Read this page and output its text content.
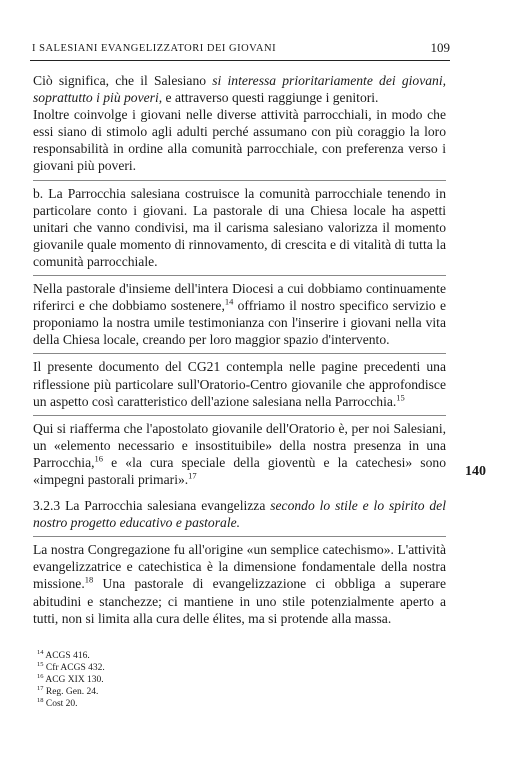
I SALESIANI EVANGELIZZATORI DEI GIOVANI	109
140

Ciò significa, che il Salesiano si interessa prioritariamente dei giovani, soprattutto i più poveri, e attraverso questi raggiunge i genitori.

Inoltre coinvolge i giovani nelle diverse attività parrocchiali, in modo che essi siano di stimolo agli adulti perché assumano con più coraggio la loro responsabilità in ordine alla comunità parrocchiale, con preferenza verso i giovani più poveri.

b. La Parrocchia salesiana costruisce la comunità parrocchiale tenendo in particolare conto i giovani. La pastorale di una Chiesa locale ha aspetti unitari che vanno condivisi, ma il carisma salesiano valorizza il momento giovanile quale momento di rinnovamento, di crescita e di vitalità di tutta la comunità parrocchiale.

Nella pastorale d'insieme dell'intera Diocesi a cui dobbiamo continuamente riferirci e che dobbiamo sostenere,$^{14}$ offriamo il nostro specifico servizio e proponiamo la nostra umile testimonianza con l'inserire i giovani nella vita della Chiesa locale, creando per loro maggior spazio d'intervento.

Il presente documento del CG21 contempla nelle pagine precedenti una riflessione più particolare sull'Oratorio-Centro giovanile che approfondisce un aspetto così caratteristico dell'azione salesiana nella Parrocchia.$^{15}$

Qui si riafferma che l'apostolato giovanile dell'Oratorio è, per noi Salesiani, un «elemento necessario e insostituibile» della nostra presenza in una Parrocchia,$^{16}$ e «la cura speciale della gioventù e la catechesi» sono «impegni pastorali primari».$^{17}$

3.2.3 La Parrocchia salesiana evangelizza secondo lo stile e lo spirito del nostro progetto educativo e pastorale.

La nostra Congregazione fu all'origine «un semplice catechismo». L'attività evangelizzatrice e catechistica è la dimensione fondamentale della nostra missione.$^{18}$ Una pastorale di evangelizzazione ci obbliga a superare abitudini e stanchezze; ci mantiene in uno stile potenzialmente aperto a tutti, non si limita alla cura delle élites, ma si protende alla massa.

$^{14}$ ACGS 416.
$^{15}$ Cfr ACGS 432.
$^{16}$ ACG XIX 130.
$^{17}$ Reg. Gen. 24.
$^{18}$ Cost 20.
